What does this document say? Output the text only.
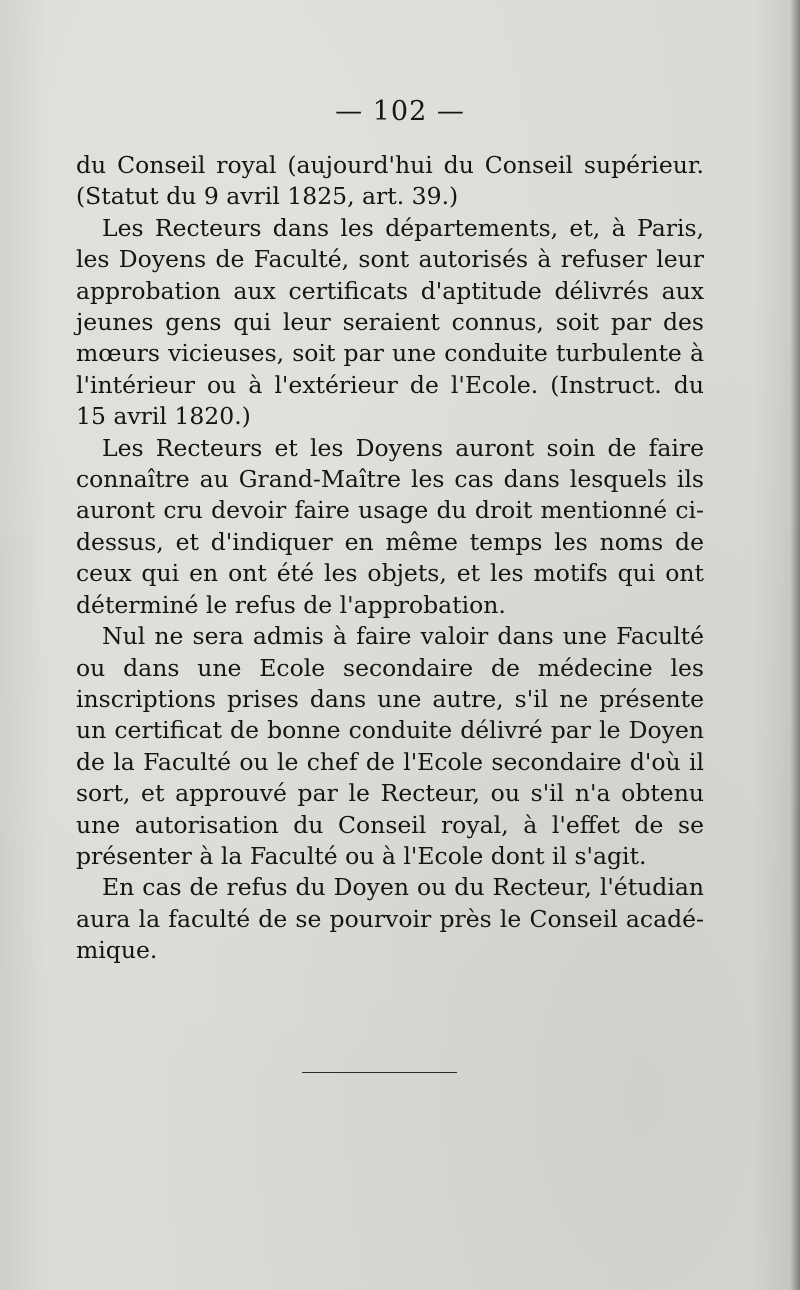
— 102 —

du Conseil royal (aujourd'hui du Conseil supérieur. (Statut du 9 avril 1825, art. 39.)

Les Recteurs dans les départements, et, à Paris, les Doyens de Faculté, sont autorisés à refuser leur approbation aux certificats d'aptitude délivrés aux jeunes gens qui leur seraient connus, soit par des mœurs vicieuses, soit par une conduite turbulente à l'intérieur ou à l'extérieur de l'Ecole. (Instruct. du 15 avril 1820.)

Les Recteurs et les Doyens auront soin de faire connaître au Grand-Maître les cas dans lesquels ils auront cru devoir faire usage du droit mentionné ci-dessus, et d'indiquer en même temps les noms de ceux qui en ont été les objets, et les motifs qui ont déterminé le refus de l'approbation.

Nul ne sera admis à faire valoir dans une Faculté ou dans une Ecole secondaire de médecine les inscriptions prises dans une autre, s'il ne présente un certificat de bonne conduite délivré par le Doyen de la Faculté ou le chef de l'Ecole secondaire d'où il sort, et approuvé par le Recteur, ou s'il n'a obtenu une autorisation du Conseil royal, à l'effet de se présenter à la Faculté ou à l'Ecole dont il s'agit.

En cas de refus du Doyen ou du Recteur, l'étudian aura la faculté de se pourvoir près le Conseil académique.
